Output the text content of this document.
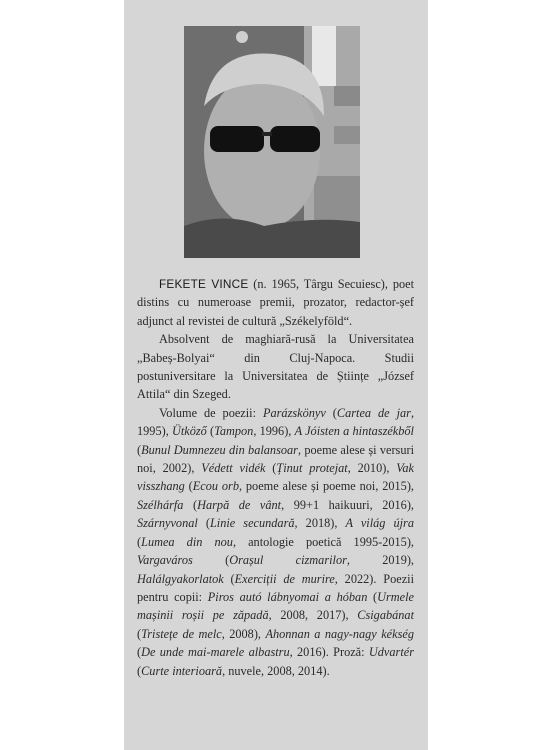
FEKETE VINCE (n. 1965, Târgu Secuiesc), poet distins cu numeroase premii, prozator, redactor-șef adjunct al revistei de cultură „Székelyföld“.

Absolvent de maghiară-rusă la Universitatea „Babeș-Bolyai“ din Cluj-Napoca. Studii postuniversitare la Universitatea de Științe „József Attila“ din Szeged.

Volume de poezii: Parázskönyv (Cartea de jar, 1995), Ütköző (Tampon, 1996), A Jóisten a hintaszékből (Bunul Dumnezeu din balansoar, poeme alese și versuri noi, 2002), Védett vidék (Ținut protejat, 2010), Vak visszhang (Ecou orb, poeme alese și poeme noi, 2015), Szélhárfa (Harpă de vânt, 99+1 haikuuri, 2016), Szárnyvonal (Linie secundară, 2018), A világ újra (Lumea din nou, antologie poetică 1995-2015), Vargaváros (Orașul cizmarilor, 2019), Halálgyakorlatok (Exerciții de murire, 2022). Poezii pentru copii: Piros autó lábnyomai a hóban (Urmele mașinii roșii pe zăpadă, 2008, 2017), Csigabánat (Tristețe de melc, 2008), Ahonnan a nagy-nagy kékség (De unde mai-marele albastru, 2016). Proză: Udvartér (Curte interioară, nuvele, 2008, 2014).
